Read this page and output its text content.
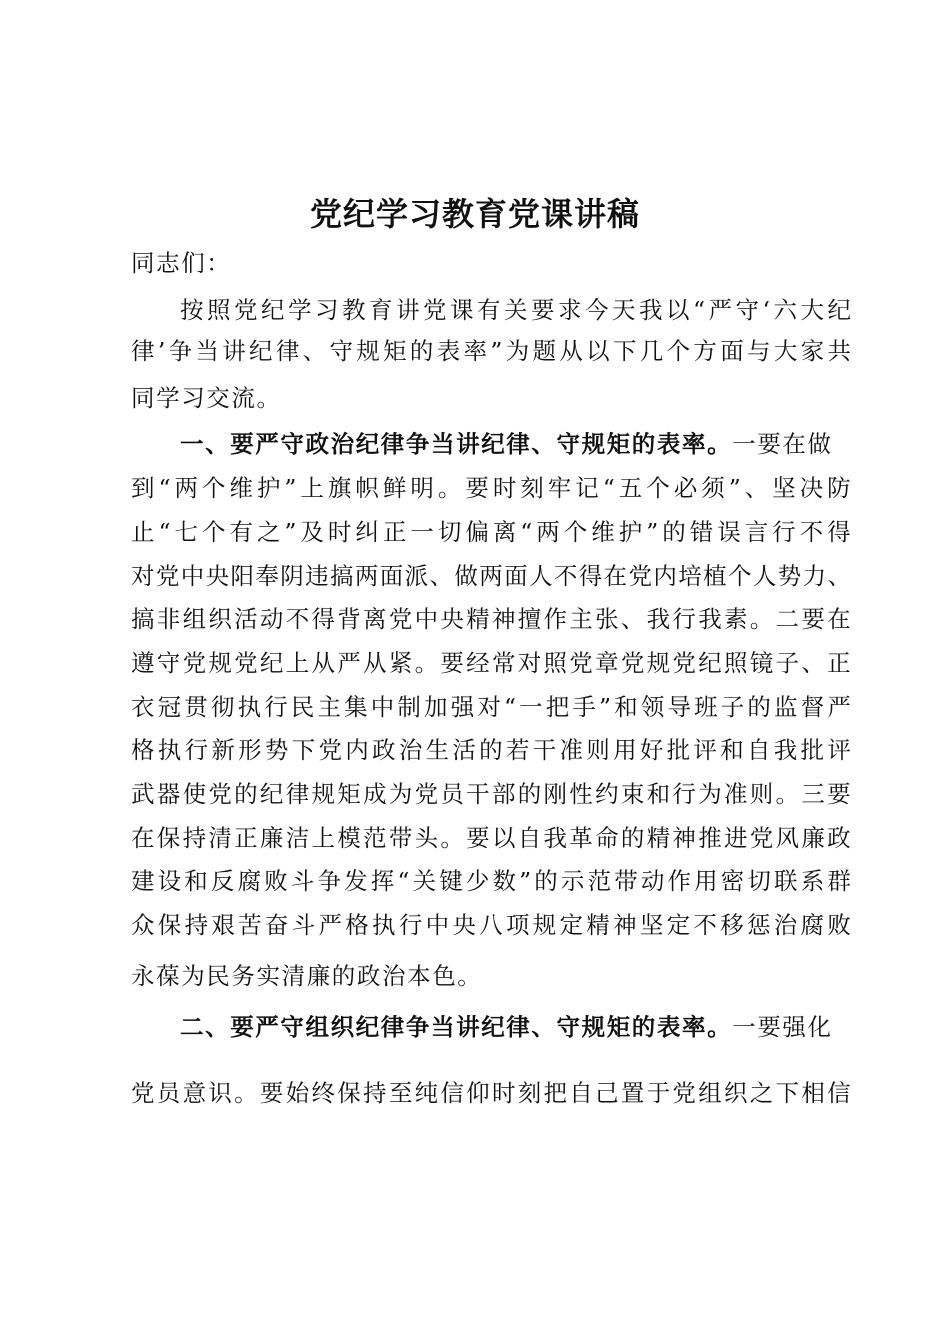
党纪学习教育党课讲稿
同志们：
按 照 党 纪 学 习 教 育 讲 党 课 有 关 要 求 今 天 我 以 “ 严 守 ‘ 六 大 纪
律 ’ 争 当 讲 纪 律 、 守 规 矩 的 表 率 ” 为 题 从 以 下 几 个 方 面 与 大 家 共
同学习交流。
一、要严守政治纪律争当讲纪律、守规矩的表率。一要在做
到 “ 两 个 维 护 ” 上 旗 帜 鲜 明 。 要 时 刻 牢 记 “ 五 个 必 须 ” 、 坚 决 防
止 “ 七 个 有 之 ” 及 时 纠 正 一 切 偏 离 “ 两 个 维 护 ” 的 错 误 言 行 不 得
对 党 中 央 阳 奉 阴 违 搞 两 面 派 、 做 两 面 人 不 得 在 党 内 培 植 个 人 势 力 、
搞 非 组 织 活 动 不 得 背 离 党 中 央 精 神 擅 作 主 张 、 我 行 我 素 。 二 要 在
遵 守 党 规 党 纪 上 从 严 从 紧 。 要 经 常 对 照 党 章 党 规 党 纪 照 镜 子 、 正
衣 冠 贯 彻 执 行 民 主 集 中 制 加 强 对 “ 一 把 手 ” 和 领 导 班 子 的 监 督 严
格 执 行 新 形 势 下 党 内 政 治 生 活 的 若 干 准 则 用 好 批 评 和 自 我 批 评
武 器 使 党 的 纪 律 规 矩 成 为 党 员 干 部 的 刚 性 约 束 和 行 为 准 则 。 三 要
在 保 持 清 正 廉 洁 上 模 范 带 头 。 要 以 自 我 革 命 的 精 神 推 进 党 风 廉 政
建 设 和 反 腐 败 斗 争 发 挥 “ 关 键 少 数 ” 的 示 范 带 动 作 用 密 切 联 系 群
众 保 持 艰 苦 奋 斗 严 格 执 行 中 央 八 项 规 定 精 神 坚 定 不 移 惩 治 腐 败
永葆为民务实清廉的政治本色。
二、要严守组织纪律争当讲纪律、守规矩的表率。一要强化
党 员 意 识 。 要 始 终 保 持 至 纯 信 仰 时 刻 把 自 己 置 于 党 组 织 之 下 相 信
